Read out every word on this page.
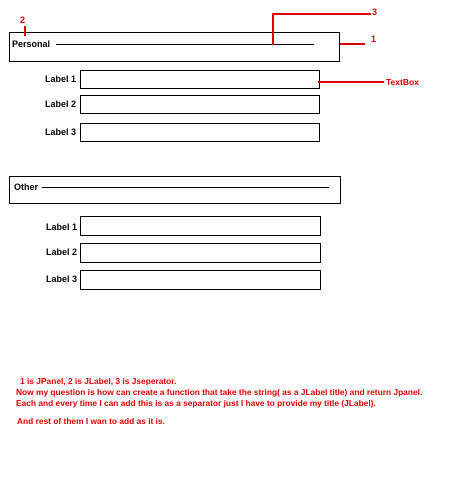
Personal
Label 1
Label 2
Label 3
Other
Label 1
Label 2
Label 3
2
3
1
TextBox
1 is JPanel, 2 is JLabel, 3 is Jseperator.
Now my question is how can create a function that take the string( as a JLabel title) and return Jpanel.
Each and every time I can add this is as a separator just I have to provide my title (JLabel).
And rest of them I wan to add as it is.
